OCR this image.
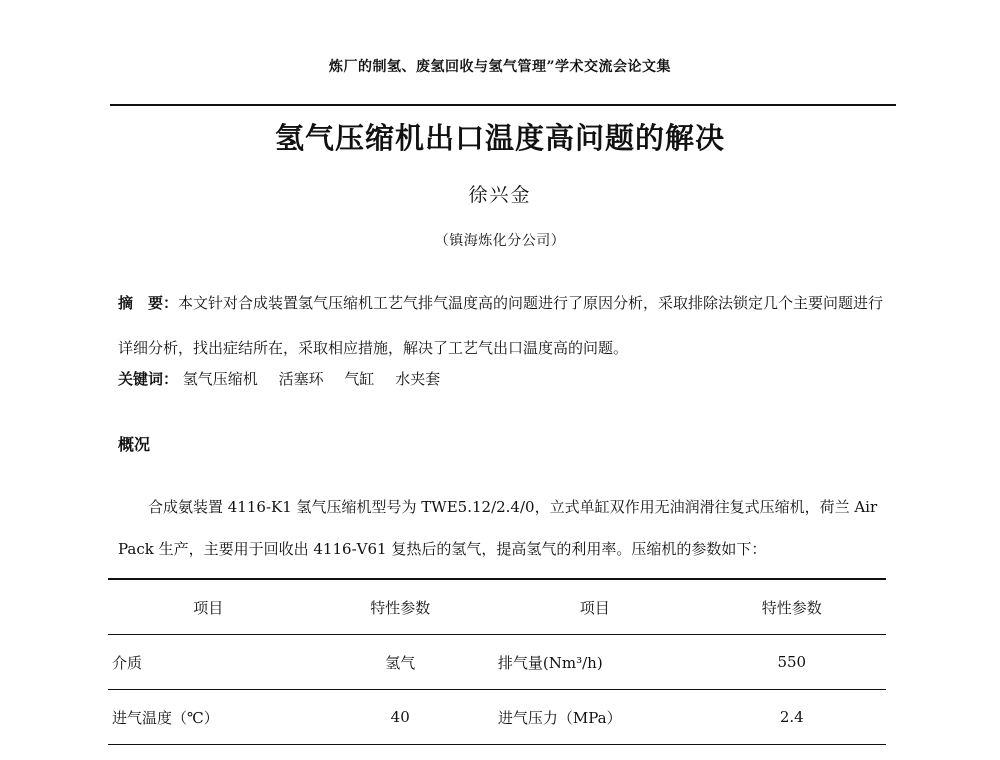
炼厂的制氢、废氢回收与氢气管理”学术交流会论文集
氢气压缩机出口温度高问题的解决
徐兴金
（镇海炼化分公司）
摘　要：本文针对合成装置氢气压缩机工艺气排气温度高的问题进行了原因分析，采取排除法锁定几个主要问题进行详细分析，找出症结所在，采取相应措施，解决了工艺气出口温度高的问题。
关键词： 氢气压缩机 活塞环 气缸 水夹套
概况
合成氨装置 4116-K1 氢气压缩机型号为 TWE5.12/2.4/0，立式单缸双作用无油润滑往复式压缩机，荷兰 Air Pack 生产，主要用于回收出 4116-V61 复热后的氢气，提高氢气的利用率。压缩机的参数如下：
项目	特性参数	项目	特性参数
介质	氢气	排气量(Nm³/h)	550
进气温度（℃）	40	进气压力（MPa）	2.4
